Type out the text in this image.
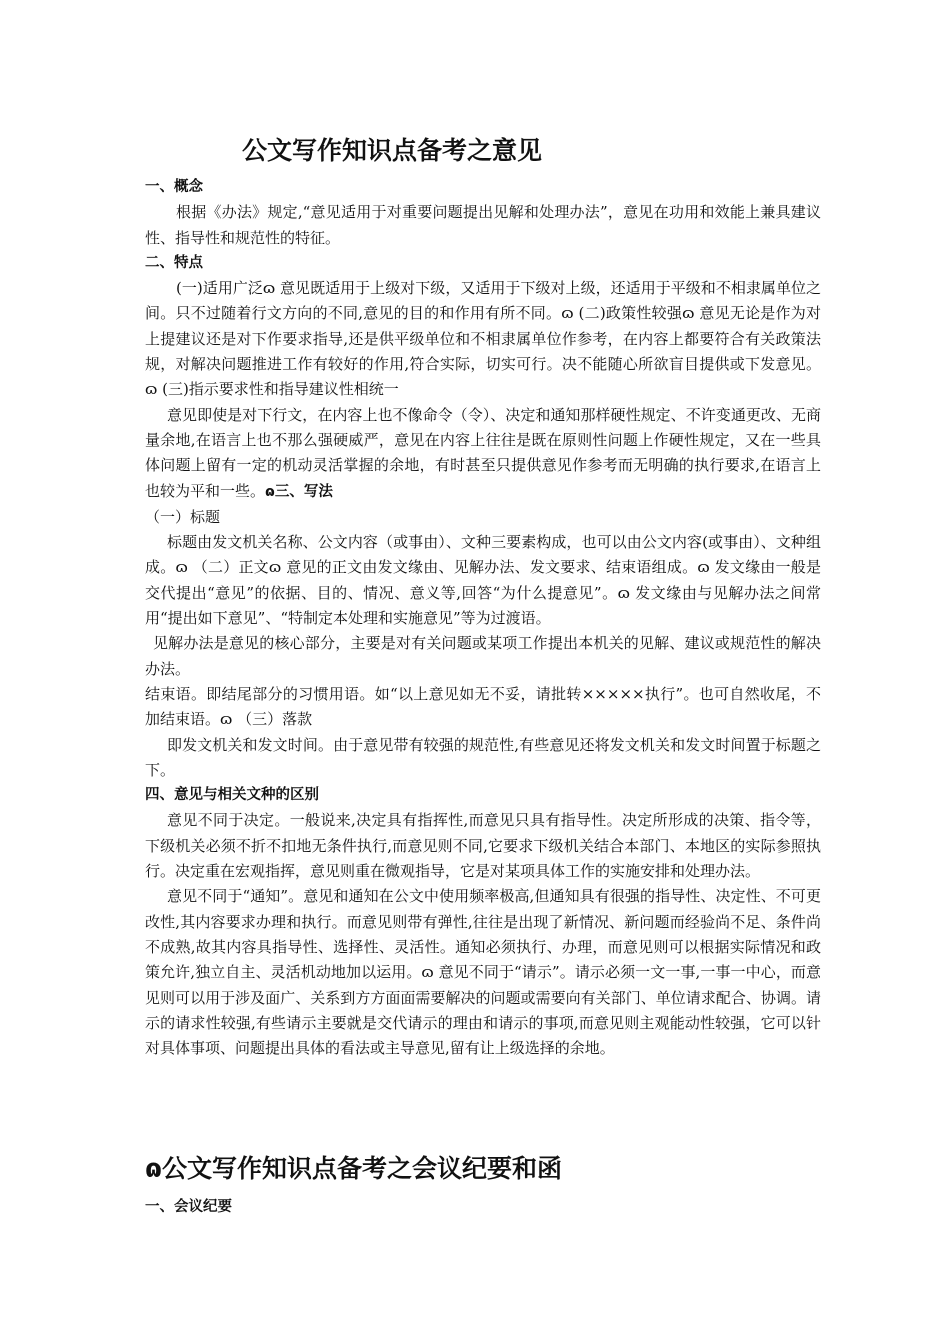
公文写作知识点备考之意见

一、概念

根据《办法》规定,“意见适用于对重要问题提出见解和处理办法”，意见在功用和效能上兼具建议性、指导性和规范性的特征。

二、特点

(一)适用广泛ɷ 意见既适用于上级对下级，又适用于下级对上级，还适用于平级和不相隶属单位之间。只不过随着行文方向的不同,意见的目的和作用有所不同。ɷ (二)政策性较强ɷ 意见无论是作为对上提建议还是对下作要求指导,还是供平级单位和不相隶属单位作参考，在内容上都要符合有关政策法规，对解决问题推进工作有较好的作用,符合实际，切实可行。决不能随心所欲盲目提供或下发意见。ɷ (三)指示要求性和指导建议性相统一

意见即使是对下行文，在内容上也不像命令（令）、决定和通知那样硬性规定、不许变通更改、无商量余地,在语言上也不那么强硬威严，意见在内容上往往是既在原则性问题上作硬性规定，又在一些具体问题上留有一定的机动灵活掌握的余地，有时甚至只提供意见作参考而无明确的执行要求,在语言上也较为平和一些。ɷ三、写法

（一）标题

标题由发文机关名称、公文内容（或事由）、文种三要素构成，也可以由公文内容(或事由）、文种组成。ɷ （二）正文ɷ 意见的正文由发文缘由、见解办法、发文要求、结束语组成。ɷ 发文缘由一般是交代提出“意见”的依据、目的、情况、意义等,回答“为什么提意见”。ɷ 发文缘由与见解办法之间常用“提出如下意见”、“特制定本处理和实施意见”等为过渡语。

见解办法是意见的核心部分，主要是对有关问题或某项工作提出本机关的见解、建议或规范性的解决办法。

结束语。即结尾部分的习惯用语。如“以上意见如无不妥，请批转×××××执行”。也可自然收尾，不加结束语。ɷ （三）落款

即发文机关和发文时间。由于意见带有较强的规范性,有些意见还将发文机关和发文时间置于标题之下。

四、意见与相关文种的区别

意见不同于决定。一般说来,决定具有指挥性,而意见只具有指导性。决定所形成的决策、指令等，下级机关必须不折不扣地无条件执行,而意见则不同,它要求下级机关结合本部门、本地区的实际参照执行。决定重在宏观指挥，意见则重在微观指导，它是对某项具体工作的实施安排和处理办法。

意见不同于“通知”。意见和通知在公文中使用频率极高,但通知具有很强的指导性、决定性、不可更改性,其内容要求办理和执行。而意见则带有弹性,往往是出现了新情况、新问题而经验尚不足、条件尚不成熟,故其内容具指导性、选择性、灵活性。通知必须执行、办理，而意见则可以根据实际情况和政策允许,独立自主、灵活机动地加以运用。ɷ 意见不同于“请示”。请示必须一文一事,一事一中心，而意见则可以用于涉及面广、关系到方方面面需要解决的问题或需要向有关部门、单位请求配合、协调。请示的请求性较强,有些请示主要就是交代请示的理由和请示的事项,而意见则主观能动性较强，它可以针对具体事项、问题提出具体的看法或主导意见,留有让上级选择的余地。

ɷ公文写作知识点备考之会议纪要和函
一、会议纪要
